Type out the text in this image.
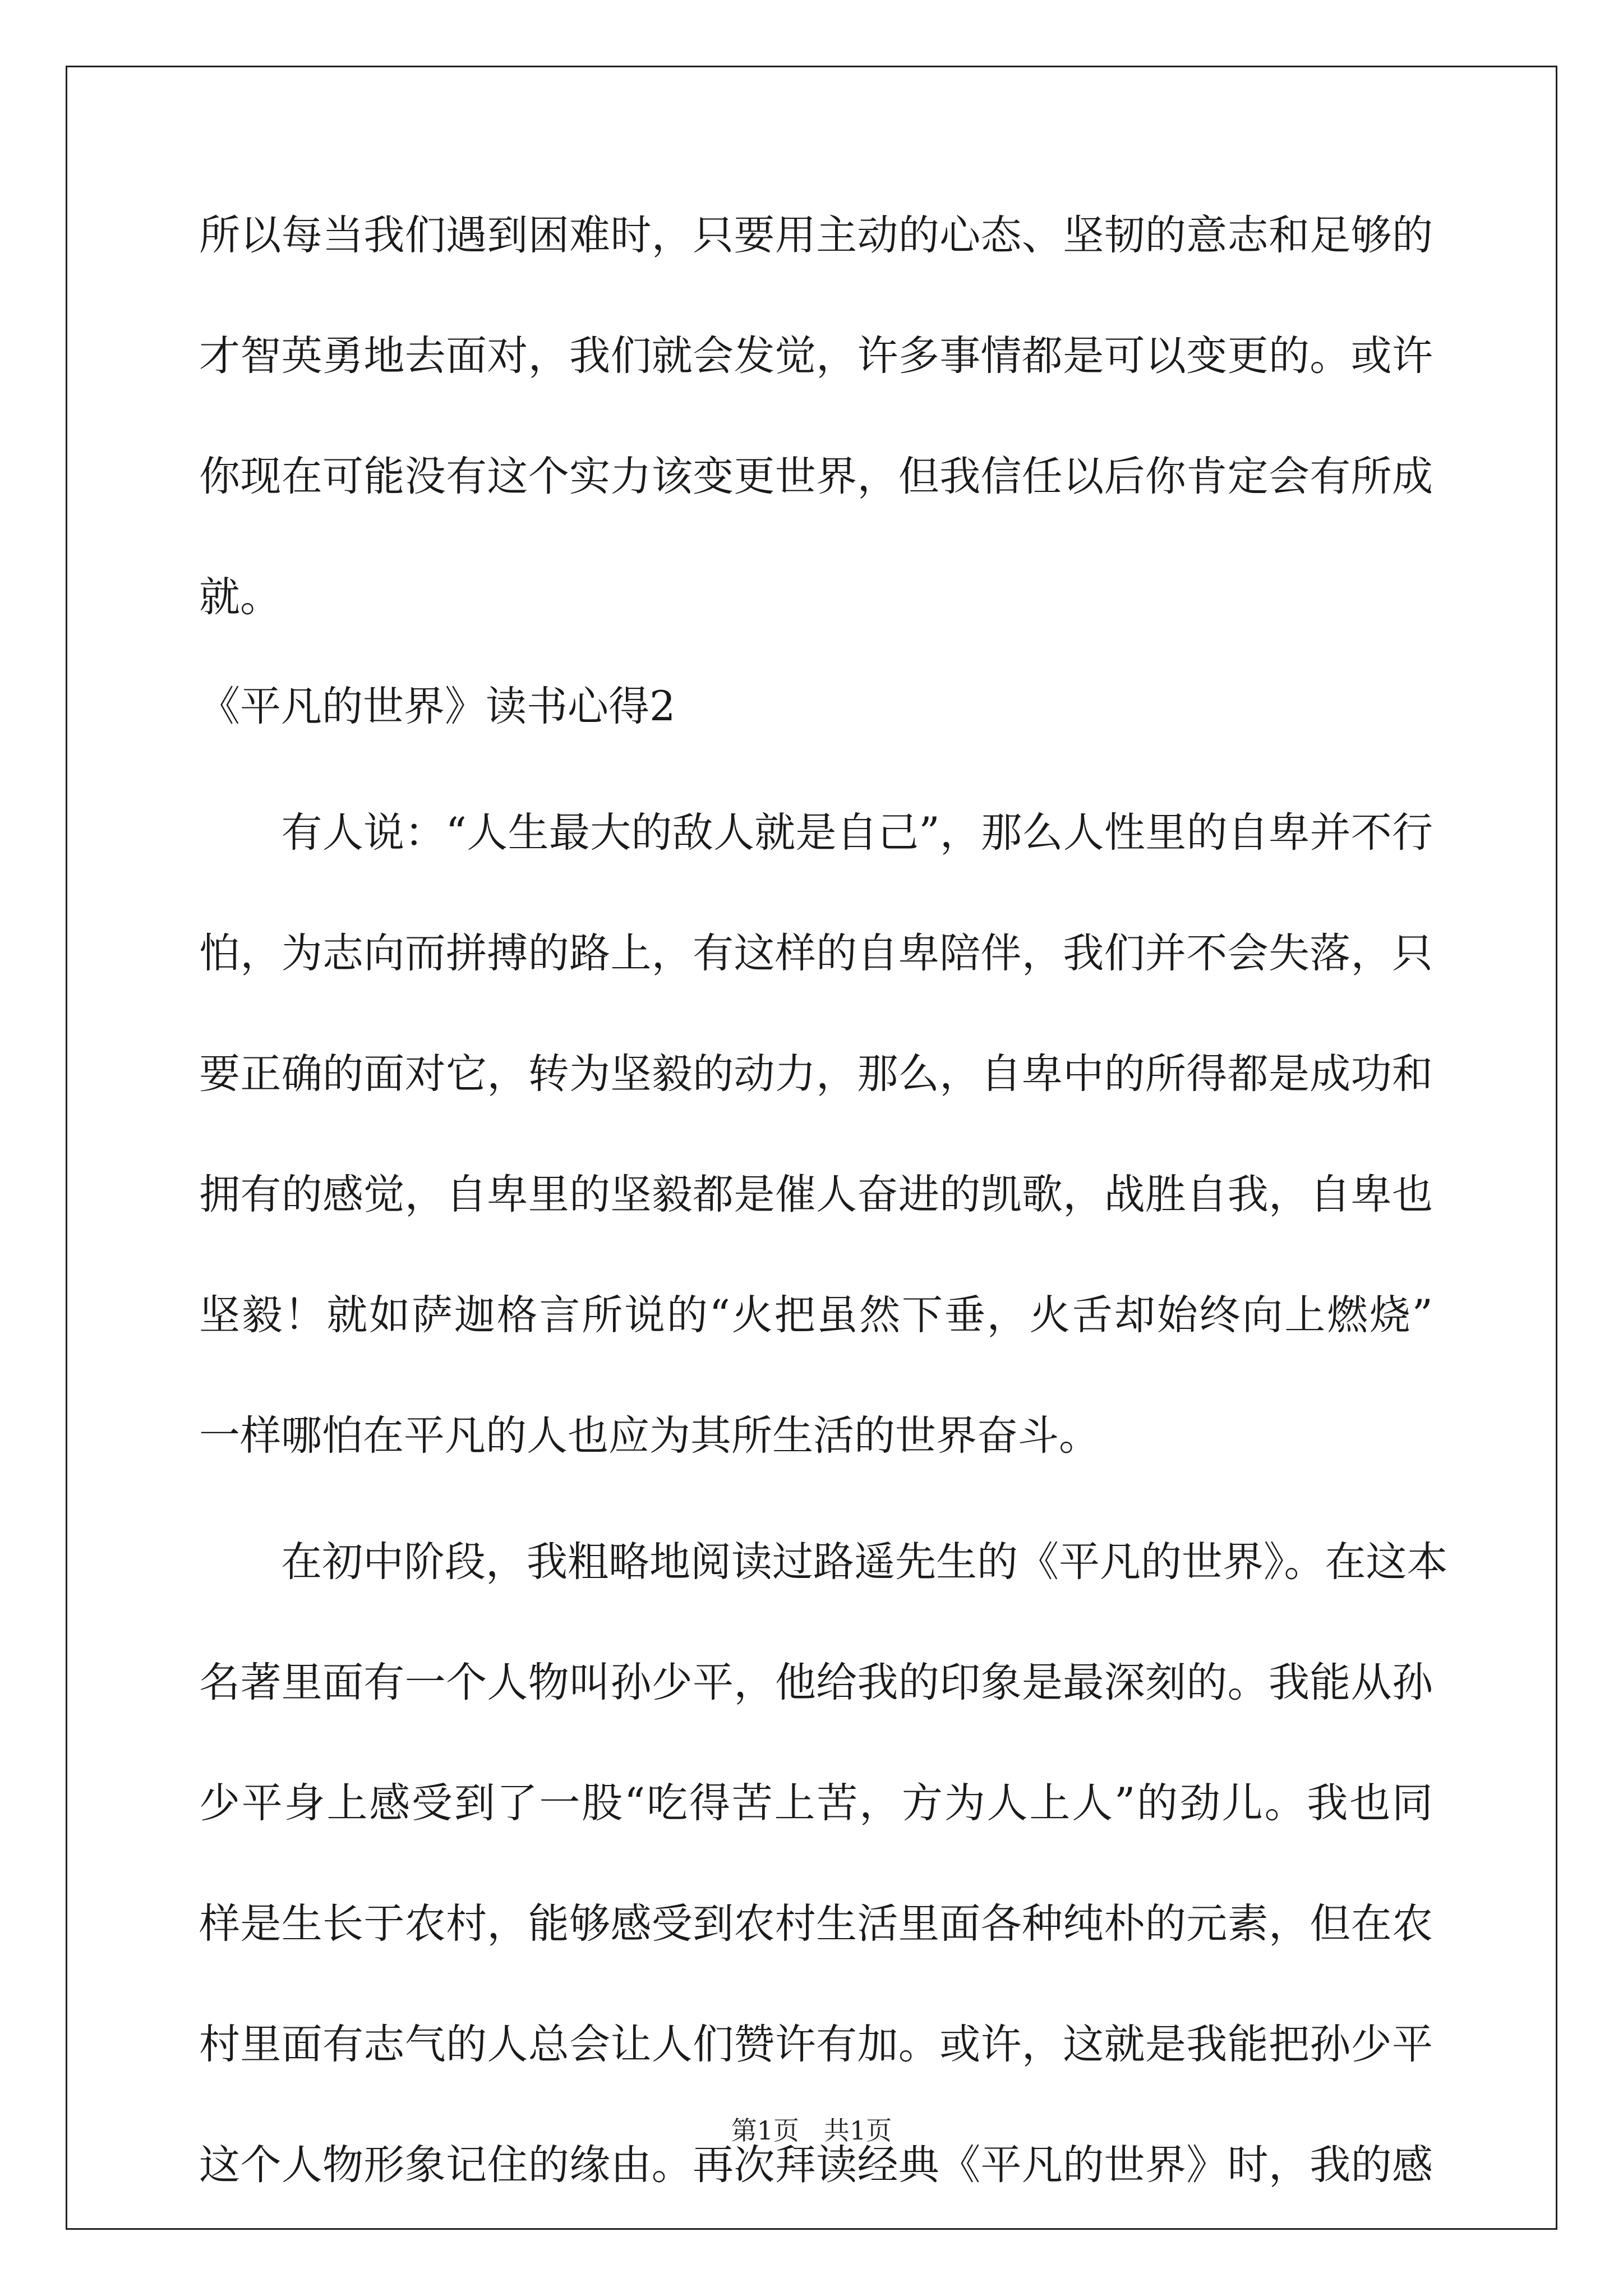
所以每当我们遇到困难时，只要用主动的心态、坚韧的意志和足够的
才智英勇地去面对，我们就会发觉，许多事情都是可以变更的。或许
你现在可能没有这个实力该变更世界，但我信任以后你肯定会有所成
就。
《平凡的世界》读书心得2
　　有人说：“人生最大的敌人就是自己”，那么人性里的自卑并不行
怕，为志向而拼搏的路上，有这样的自卑陪伴，我们并不会失落，只
要正确的面对它，转为坚毅的动力，那么，自卑中的所得都是成功和
拥有的感觉，自卑里的坚毅都是催人奋进的凯歌，战胜自我，自卑也
坚毅！就如萨迦格言所说的“火把虽然下垂，火舌却始终向上燃烧”
一样哪怕在平凡的人也应为其所生活的世界奋斗。
　　在初中阶段，我粗略地阅读过路遥先生的《平凡的世界》。在这本
名著里面有一个人物叫孙少平，他给我的印象是最深刻的。我能从孙
少平身上感受到了一股“吃得苦上苦，方为人上人”的劲儿。我也同
样是生长于农村，能够感受到农村生活里面各种纯朴的元素，但在农
村里面有志气的人总会让人们赞许有加。或许，这就是我能把孙少平
这个人物形象记住的缘由。再次拜读经典《平凡的世界》时，我的感
第1页 共1页
